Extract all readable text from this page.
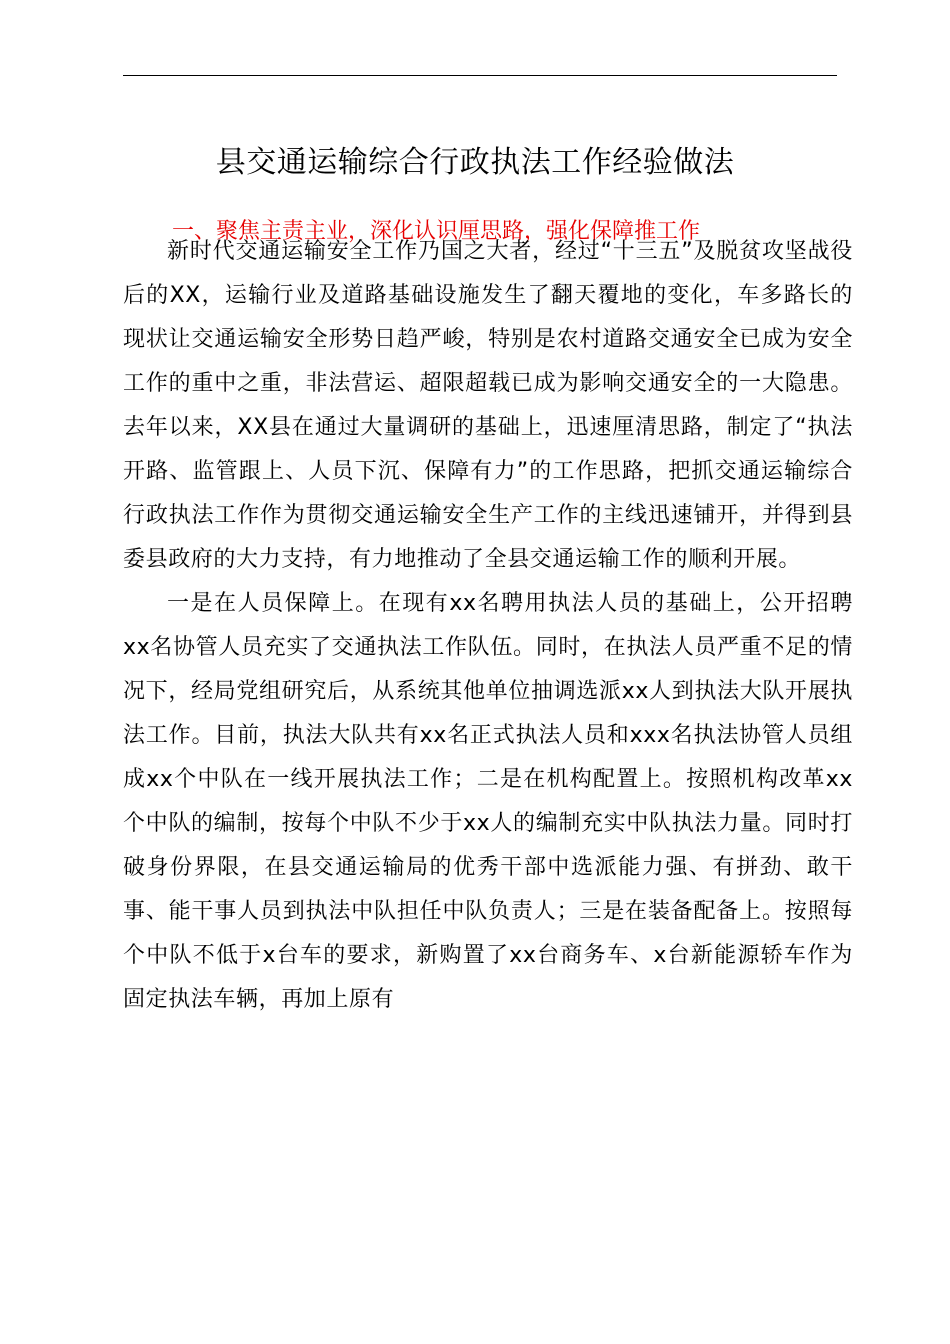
县交通运输综合行政执法工作经验做法
一、聚焦主责主业，深化认识厘思路，强化保障推工作

新时代交通运输安全工作乃国之大者，经过“十三五”及脱贫攻坚战役后的XX，运输行业及道路基础设施发生了翻天覆地的变化，车多路长的现状让交通运输安全形势日趋严峻，特别是农村道路交通安全已成为安全工作的重中之重，非法营运、超限超载已成为影响交通安全的一大隐患。去年以来，XX县在通过大量调研的基础上，迅速厘清思路，制定了“执法开路、监管跟上、人员下沉、保障有力”的工作思路，把抓交通运输综合行政执法工作作为贯彻交通运输安全生产工作的主线迅速铺开，并得到县委县政府的大力支持，有力地推动了全县交通运输工作的顺利开展。

一是在人员保障上。在现有xx名聘用执法人员的基础上，公开招聘xx名协管人员充实了交通执法工作队伍。同时，在执法人员严重不足的情况下，经局党组研究后，从系统其他单位抽调选派xx人到执法大队开展执法工作。目前，执法大队共有xx名正式执法人员和xxx名执法协管人员组成xx个中队在一线开展执法工作；二是在机构配置上。按照机构改革xx个中队的编制，按每个中队不少于xx人的编制充实中队执法力量。同时打破身份界限，在县交通运输局的优秀干部中选派能力强、有拼劲、敢干事、能干事人员到执法中队担任中队负责人；三是在装备配备上。按照每个中队不低于x台车的要求，新购置了xx台商务车、x台新能源轿车作为固定执法车辆，再加上原有
